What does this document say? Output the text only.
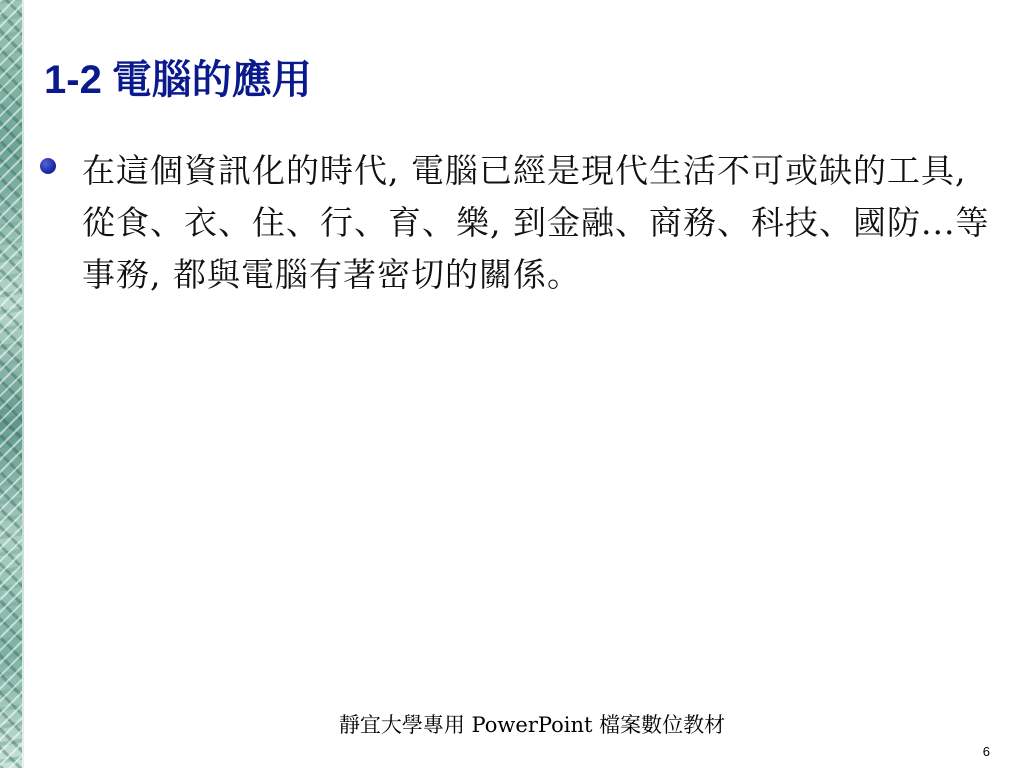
1-2 電腦的應用
在這個資訊化的時代, 電腦已經是現代生活不可或缺的工具, 從食、衣、住、行、育、樂, 到金融、商務、科技、國防...等事務, 都與電腦有著密切的關係。
靜宜大學專用 PowerPoint 檔案數位教材
6
